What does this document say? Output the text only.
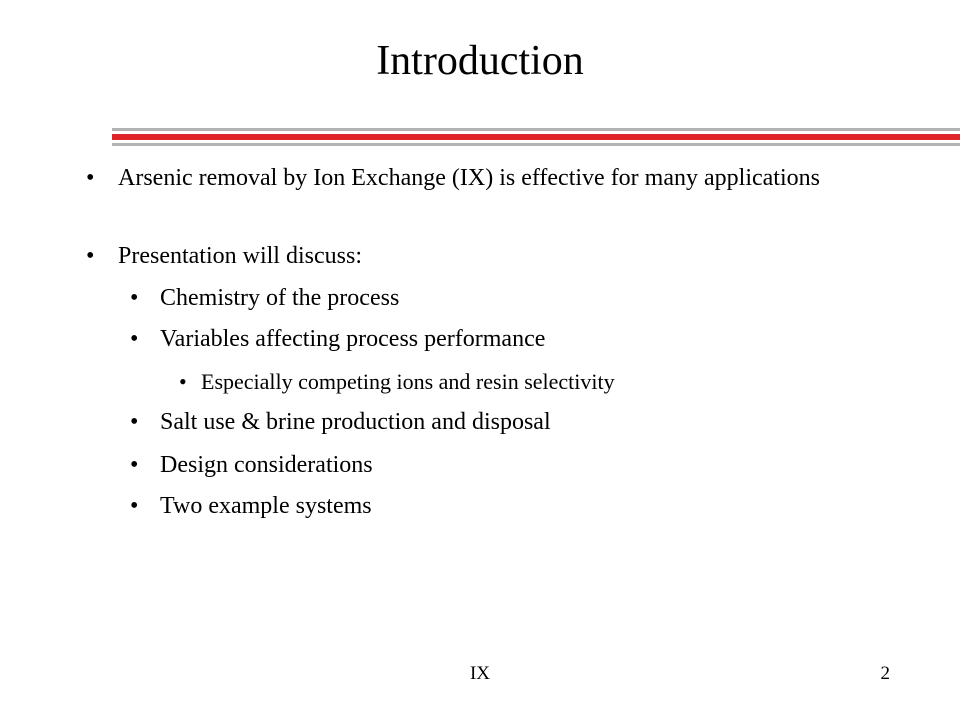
Introduction
• Arsenic removal by Ion Exchange (IX) is effective for many applications
• Presentation will discuss:
• Chemistry of the process
• Variables affecting process performance
• Especially competing ions and resin selectivity
• Salt use & brine production and disposal
• Design considerations
• Two example systems
IX	2
